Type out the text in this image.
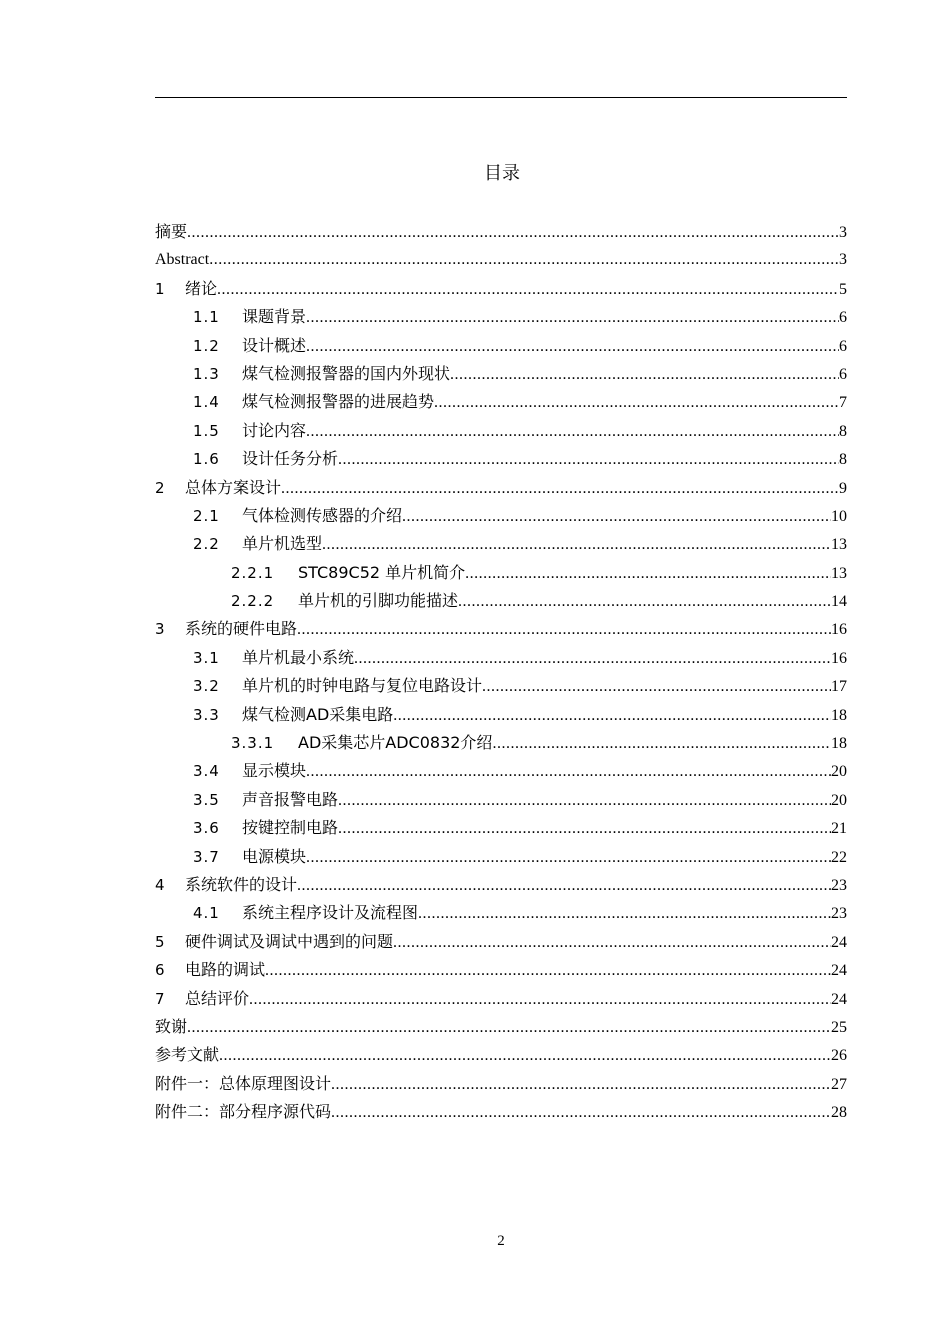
目录
摘要 .....	3
Abstract .....	3
1	绪论 .....	5
1.1	课题背景 .....	6
1.2	设计概述 .....	6
1.3	煤气检测报警器的国内外现状 .....	6
1.4	煤气检测报警器的进展趋势 .....	7
1.5	讨论内容 .....	8
1.6	设计任务分析 .....	8
2	总体方案设计 .....	9
2.1	气体检测传感器的介绍 .....	10
2.2	单片机选型 .....	13
2.2.1	STC89C52 单片机简介 .....	13
2.2.2	单片机的引脚功能描述 .....	14
3	系统的硬件电路 .....	16
3.1	单片机最小系统 .....	16
3.2	单片机的时钟电路与复位电路设计 .....	17
3.3	煤气检测AD采集电路 .....	18
3.3.1	AD采集芯片ADC0832介绍 .....	18
3.4	显示模块 .....	20
3.5	声音报警电路 .....	20
3.6	按键控制电路 .....	21
3.7	电源模块 .....	22
4	系统软件的设计 .....	23
4.1	系统主程序设计及流程图 .....	23
5	硬件调试及调试中遇到的问题 .....	24
6	电路的调试 .....	24
7	总结评价 .....	24
致谢 .....	25
参考文献 .....	26
附件一：总体原理图设计 .....	27
附件二：部分程序源代码 .....	28
2
